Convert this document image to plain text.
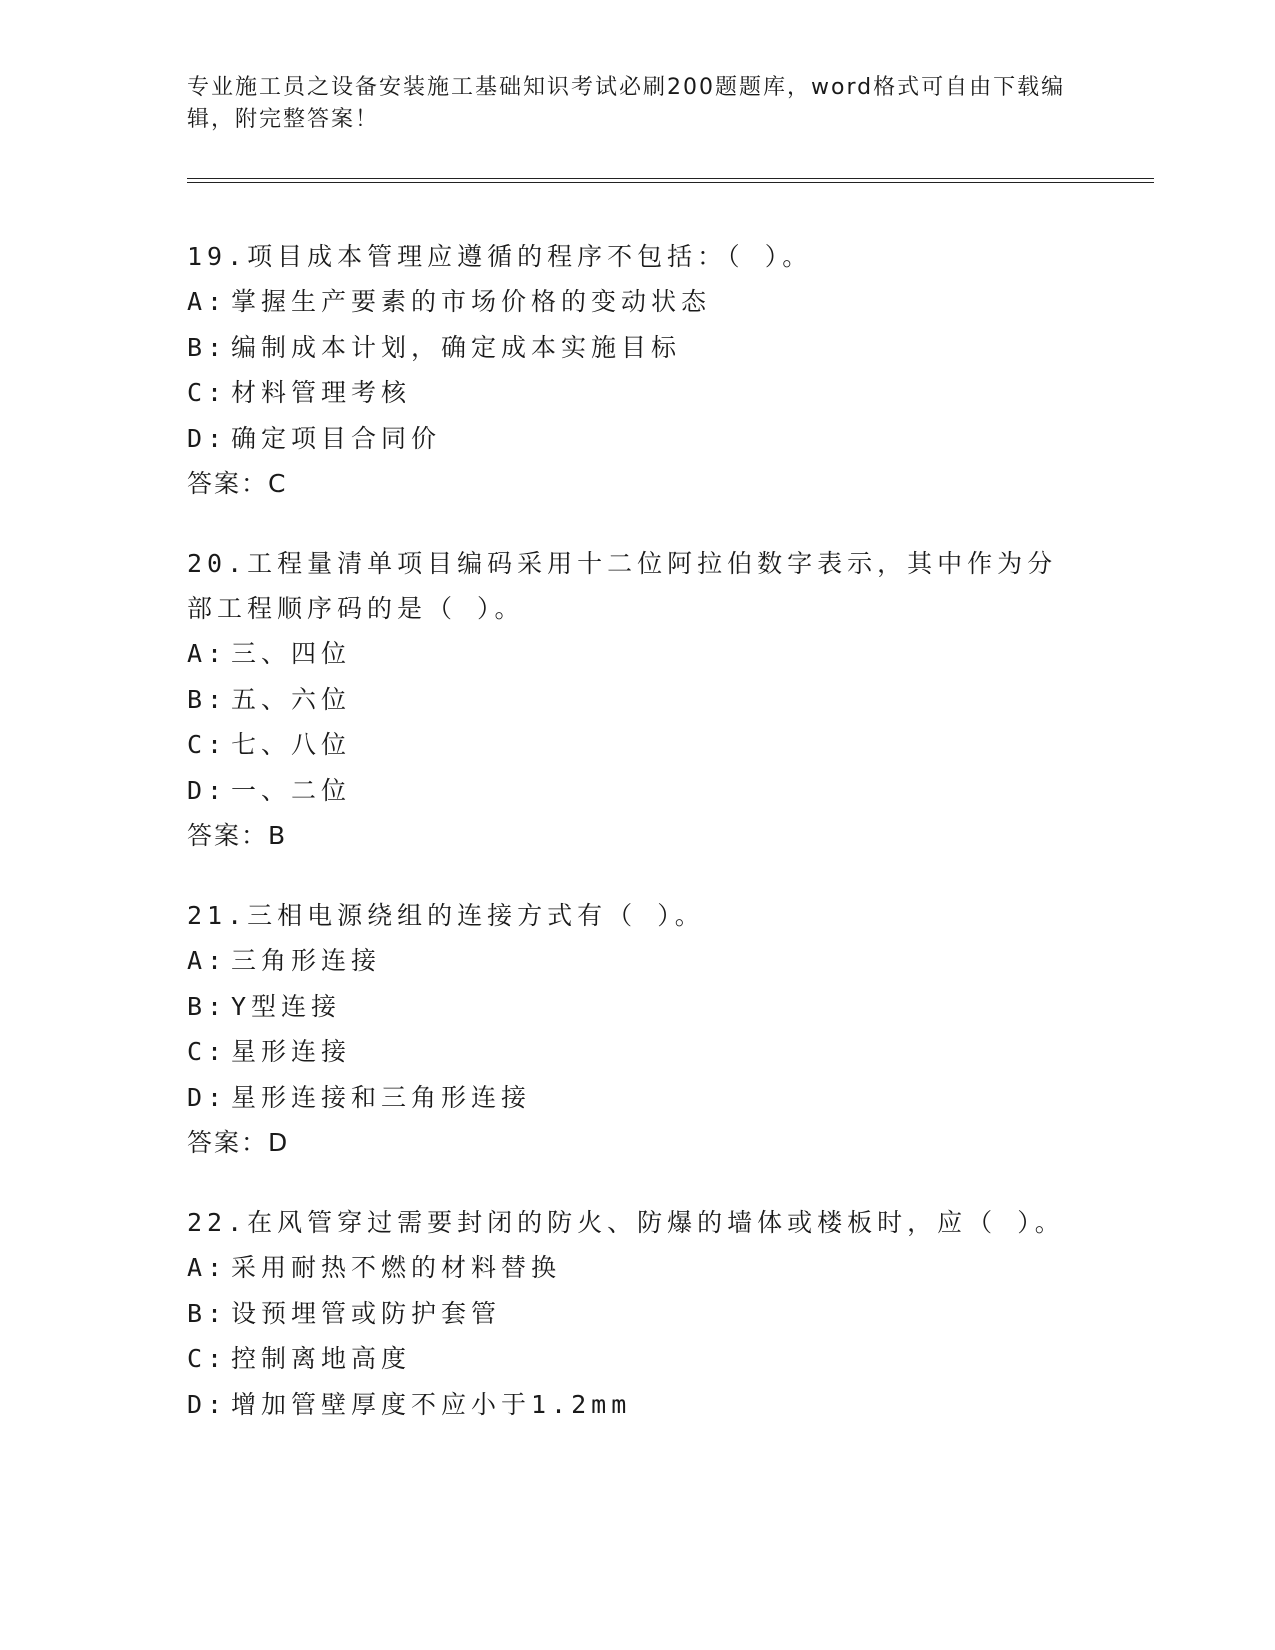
专业施工员之设备安装施工基础知识考试必刷200题题库，word格式可自由下载编辑，附完整答案！

19.项目成本管理应遵循的程序不包括：（ ）。

A: 掌握生产要素的市场价格的变动状态
B: 编制成本计划，确定成本实施目标
C: 材料管理考核
D: 确定项目合同价
答案：C

20.工程量清单项目编码采用十二位阿拉伯数字表示，其中作为分部工程顺序码的是（ ）。

A: 三、四位
B: 五、六位
C: 七、八位
D: 一、二位
答案：B

21.三相电源绕组的连接方式有（ ）。

A: 三角形连接
B: Y型连接
C: 星形连接
D: 星形连接和三角形连接
答案：D

22.在风管穿过需要封闭的防火、防爆的墙体或楼板时，应（ ）。

A: 采用耐热不燃的材料替换
B: 设预埋管或防护套管
C: 控制离地高度
D: 增加管壁厚度不应小于1.2mm
